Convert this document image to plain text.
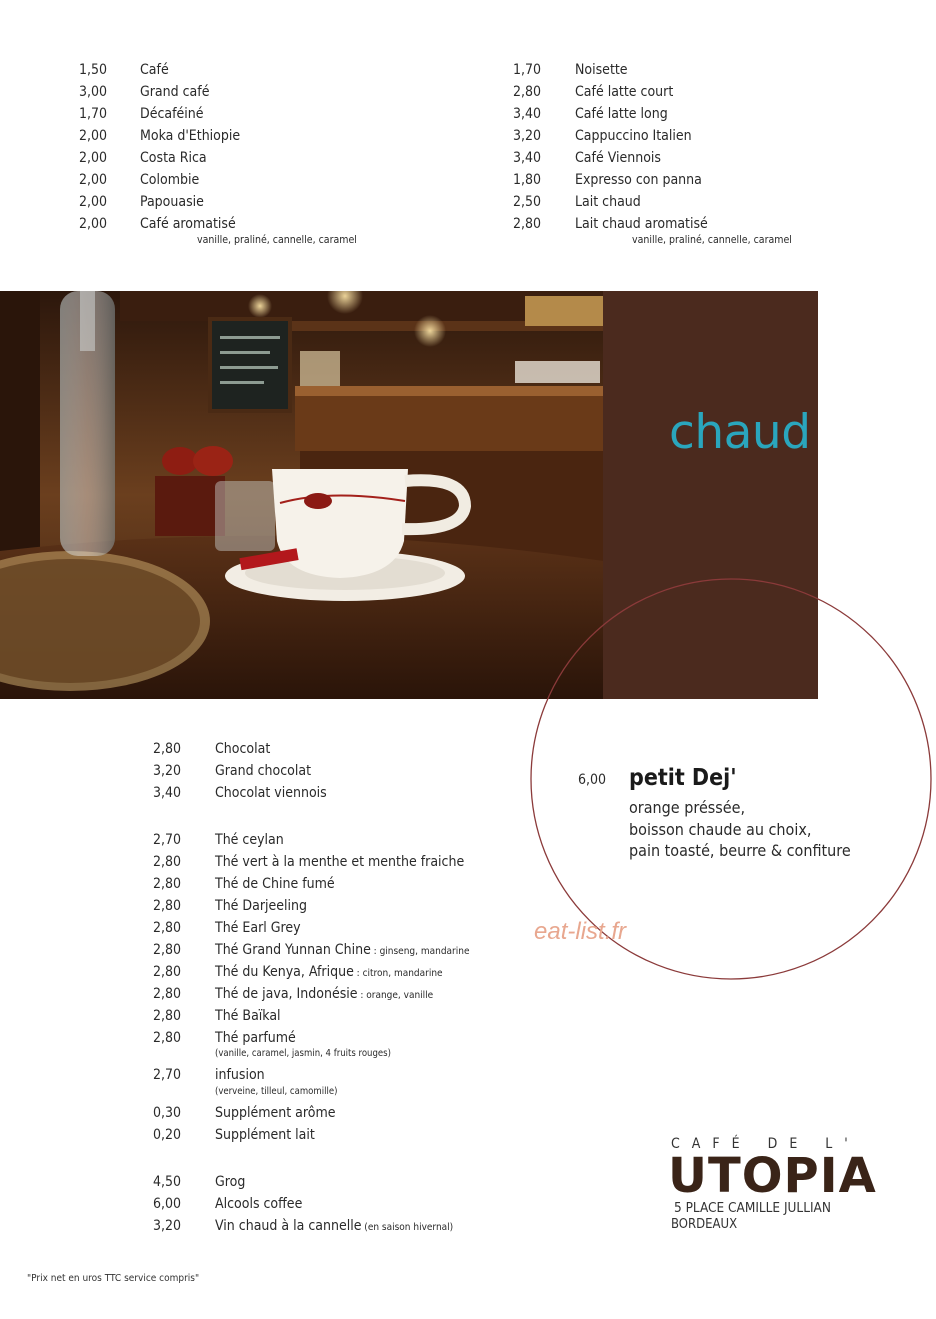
1,50	Café
3,00	Grand café
1,70	Décaféiné
2,00	Moka d'Ethiopie
2,00	Costa Rica
2,00	Colombie
2,00	Papouasie
2,00	Café aromatisé
vanille, praliné, cannelle, caramel
1,70	Noisette
2,80	Café latte court
3,40	Café latte long
3,20	Cappuccino Italien
3,40	Café Viennois
1,80	Expresso con panna
2,50	Lait chaud
2,80	Lait chaud aromatisé
vanille, praliné, cannelle, caramel
chaud
2,80	Chocolat
3,20	Grand chocolat
3,40	Chocolat viennois
2,70	Thé ceylan
2,80	Thé vert à la menthe et menthe fraiche
2,80	Thé de Chine fumé
2,80	Thé Darjeeling
2,80	Thé Earl Grey
2,80	Thé Grand Yunnan Chine : ginseng, mandarine
2,80	Thé du Kenya, Afrique : citron, mandarine
2,80	Thé de java, Indonésie : orange, vanille
2,80	Thé Baïkal
2,80	Thé parfumé
(vanille, caramel, jasmin, 4 fruits rouges)
2,70	infusion
(verveine, tilleul, camomille)
0,30	Supplément arôme
0,20	Supplément lait
4,50	Grog
6,00	Alcools coffee
3,20	Vin chaud à la cannelle (en saison hivernal)
6,00 petit Dej'
orange préssée,
boisson chaude au choix,
pain toasté, beurre & confiture
eat-list.fr
CAFÉ DE L'
UTOPIA
5 PLACE CAMILLE JULLIAN
BORDEAUX
"Prix net en uros TTC service compris"
